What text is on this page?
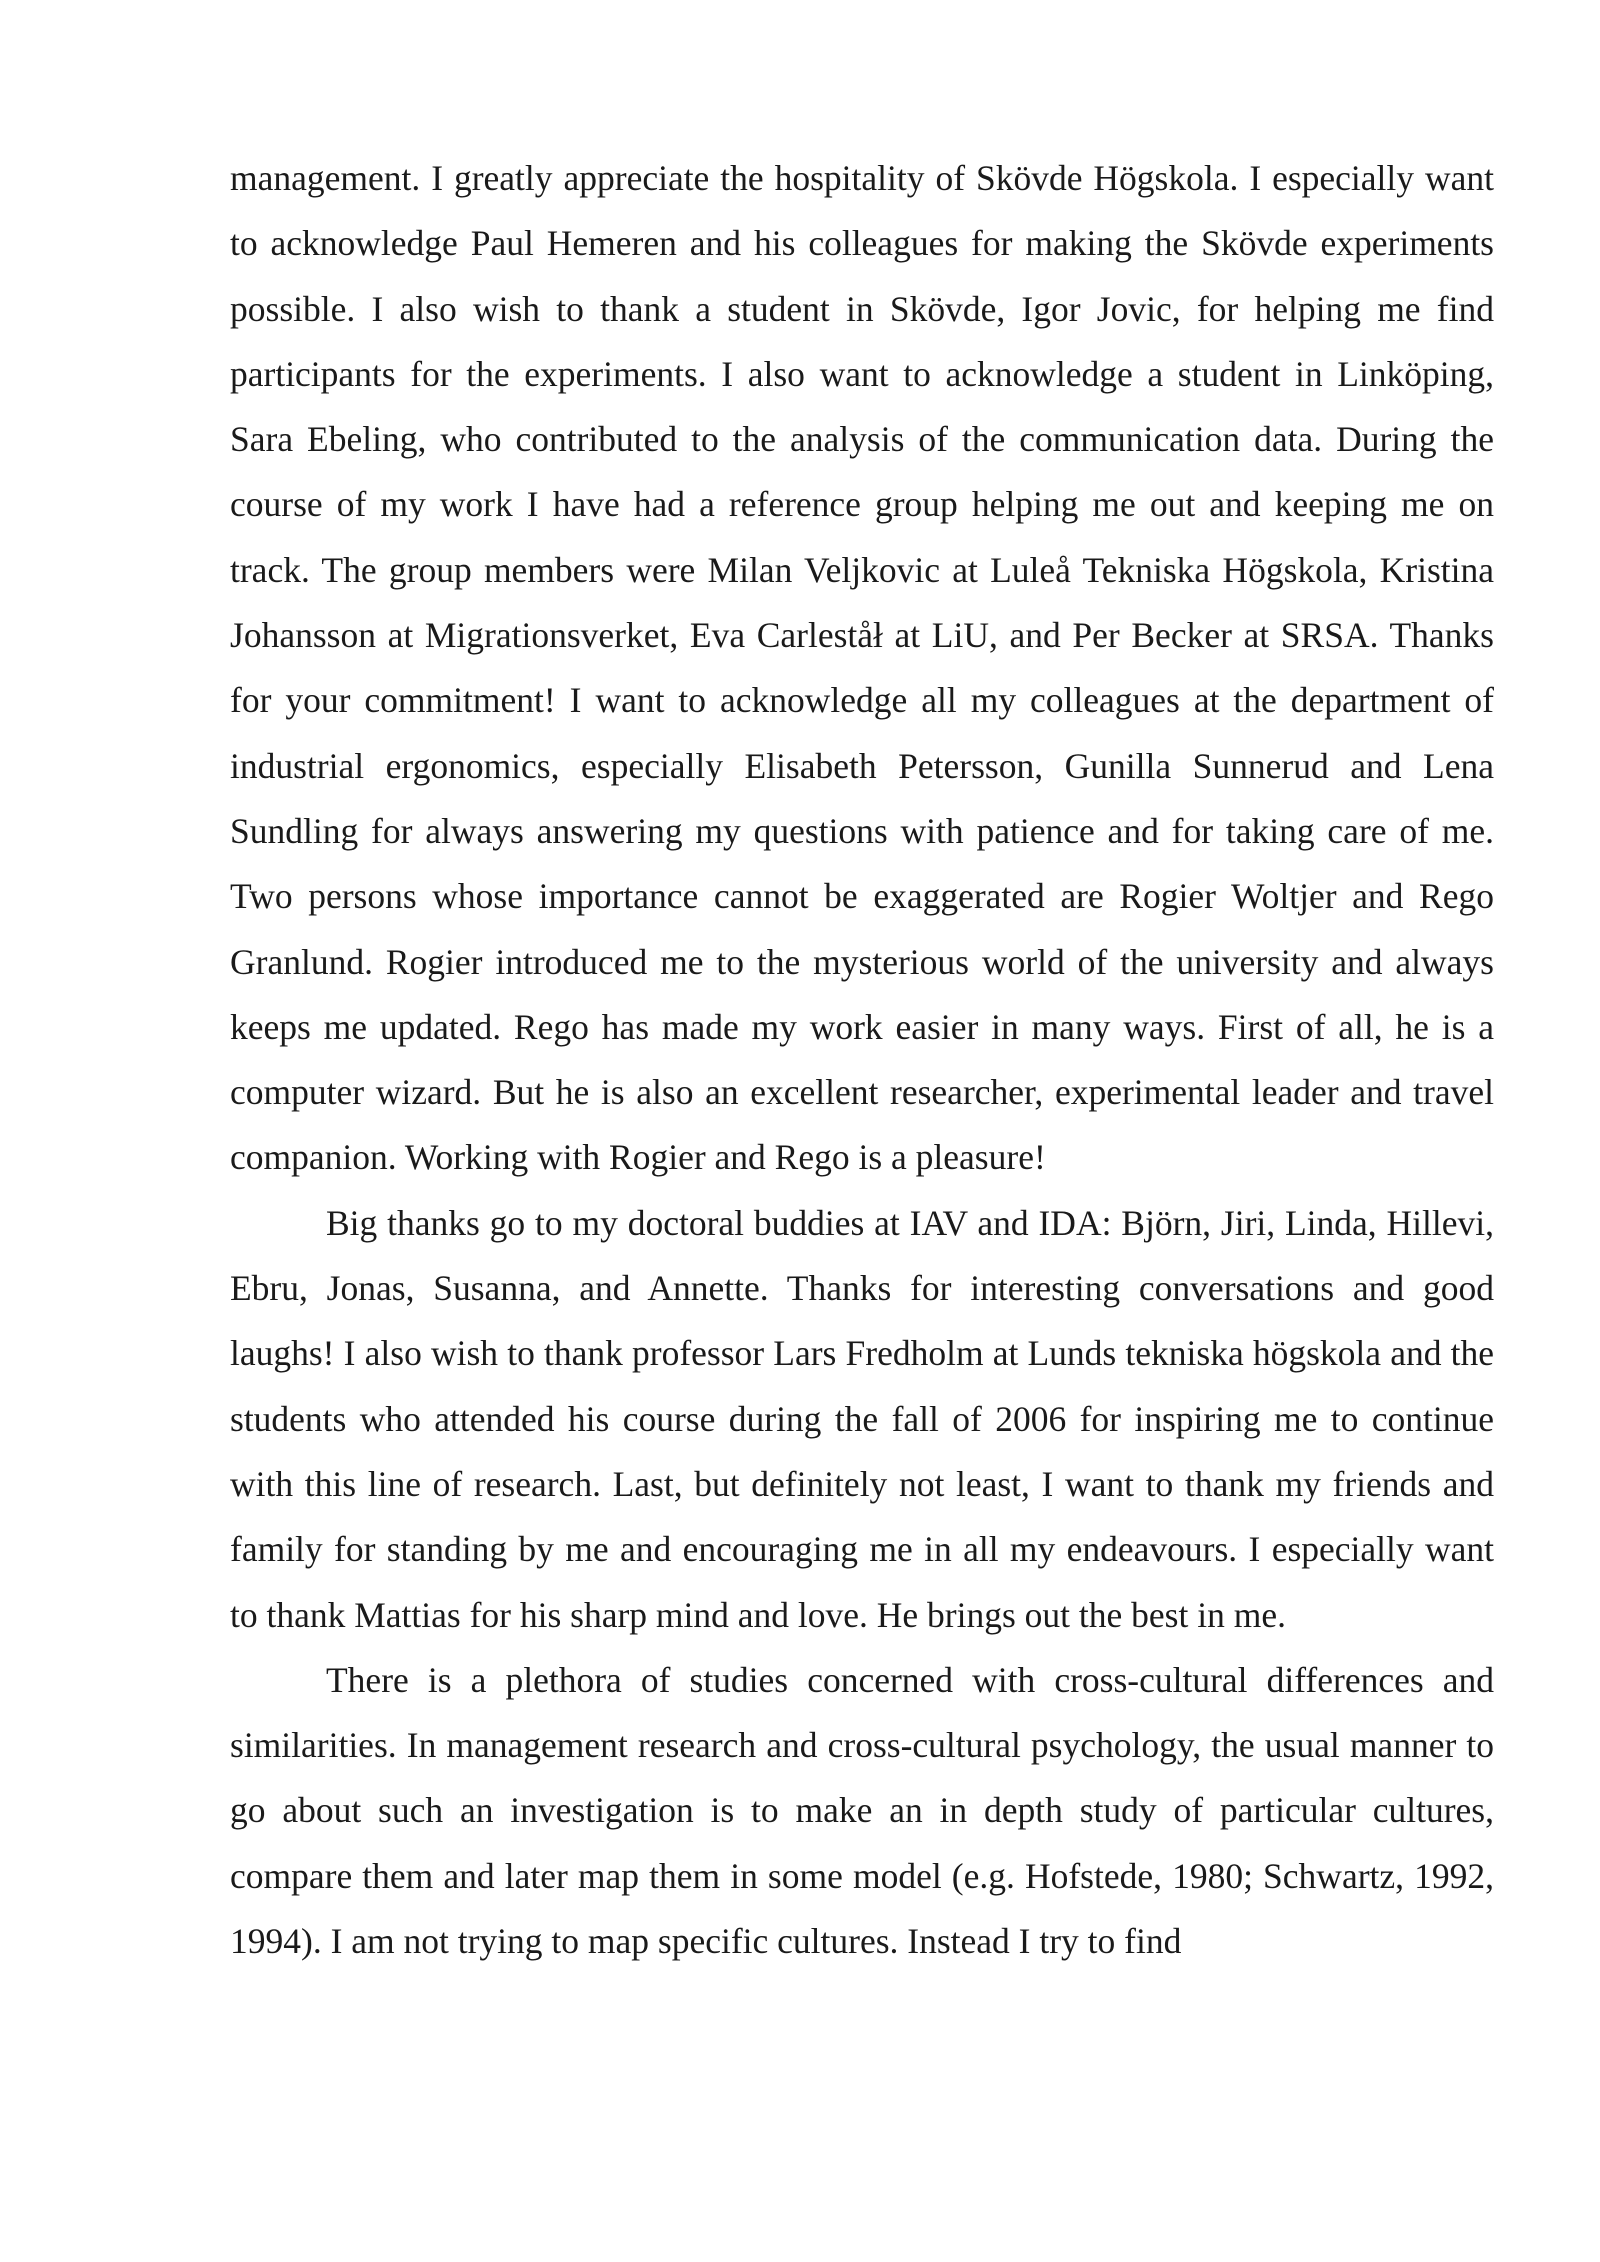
management. I greatly appreciate the hospitality of Skövde Högskola. I especially want to acknowledge Paul Hemeren and his colleagues for making the Skövde experiments possible. I also wish to thank a student in Skövde, Igor Jovic, for helping me find participants for the experiments. I also want to acknowledge a student in Linköping, Sara Ebeling, who contributed to the analysis of the communication data. During the course of my work I have had a reference group helping me out and keeping me on track. The group members were Milan Veljkovic at Luleå Tekniska Högskola, Kristina Johansson at Migrationsverket, Eva Carleståł at LiU, and Per Becker at SRSA. Thanks for your commitment! I want to acknowledge all my colleagues at the department of industrial ergonomics, especially Elisabeth Petersson, Gunilla Sunnerud and Lena Sundling for always answering my questions with patience and for taking care of me. Two persons whose importance cannot be exaggerated are Rogier Woltjer and Rego Granlund. Rogier introduced me to the mysterious world of the university and always keeps me updated. Rego has made my work easier in many ways. First of all, he is a computer wizard. But he is also an excellent researcher, experimental leader and travel companion. Working with Rogier and Rego is a pleasure!

Big thanks go to my doctoral buddies at IAV and IDA: Björn, Jiri, Linda, Hillevi, Ebru, Jonas, Susanna, and Annette. Thanks for interesting conversations and good laughs! I also wish to thank professor Lars Fredholm at Lunds tekniska högskola and the students who attended his course during the fall of 2006 for inspiring me to continue with this line of research. Last, but definitely not least, I want to thank my friends and family for standing by me and encouraging me in all my endeavours. I especially want to thank Mattias for his sharp mind and love. He brings out the best in me.

There is a plethora of studies concerned with cross-cultural differences and similarities. In management research and cross-cultural psychology, the usual manner to go about such an investigation is to make an in depth study of particular cultures, compare them and later map them in some model (e.g. Hofstede, 1980; Schwartz, 1992, 1994). I am not trying to map specific cultures. Instead I try to find
